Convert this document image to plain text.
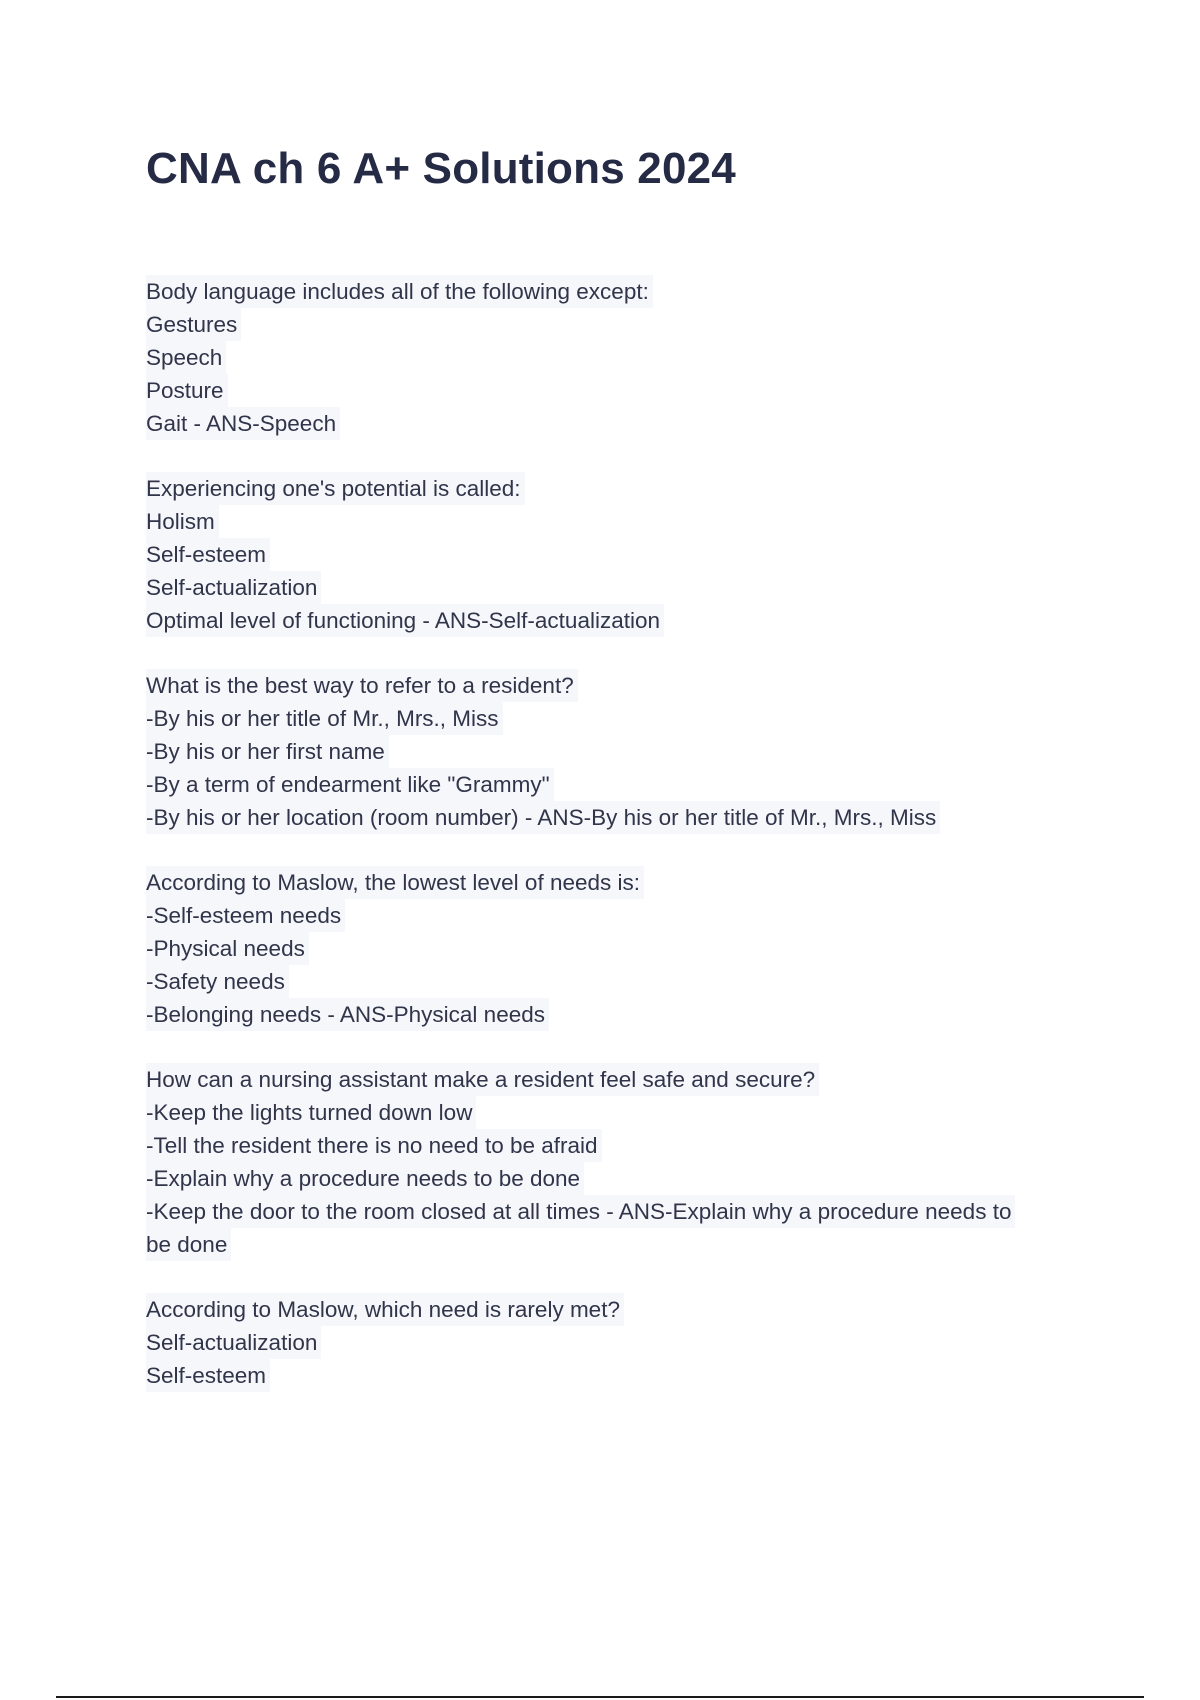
CNA ch 6 A+ Solutions 2024
Body language includes all of the following except:
Gestures
Speech
Posture
Gait - ANS-Speech
Experiencing one's potential is called:
Holism
Self-esteem
Self-actualization
Optimal level of functioning - ANS-Self-actualization
What is the best way to refer to a resident?
-By his or her title of Mr., Mrs., Miss
-By his or her first name
-By a term of endearment like "Grammy"
-By his or her location (room number) - ANS-By his or her title of Mr., Mrs., Miss
According to Maslow, the lowest level of needs is:
-Self-esteem needs
-Physical needs
-Safety needs
-Belonging needs - ANS-Physical needs
How can a nursing assistant make a resident feel safe and secure?
-Keep the lights turned down low
-Tell the resident there is no need to be afraid
-Explain why a procedure needs to be done
-Keep the door to the room closed at all times - ANS-Explain why a procedure needs to
be done
According to Maslow, which need is rarely met?
Self-actualization
Self-esteem
